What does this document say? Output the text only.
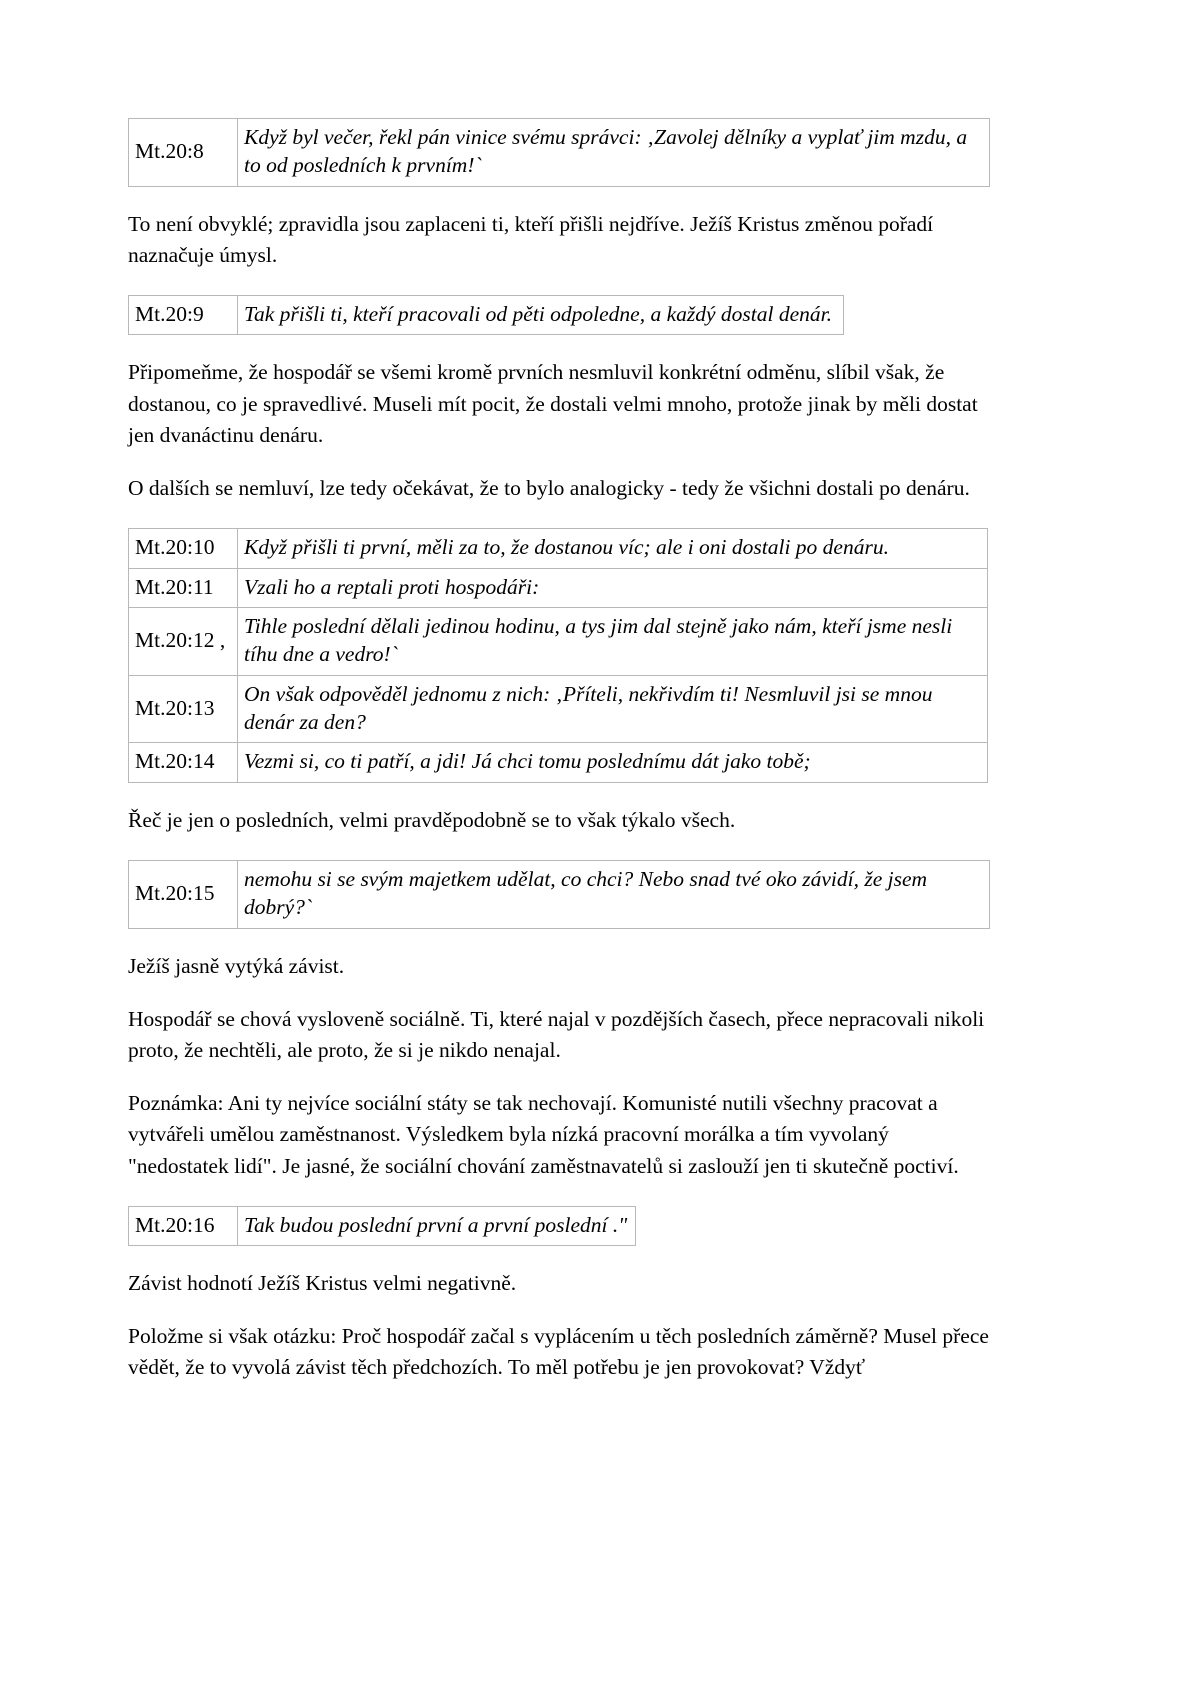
Mt.20:8	Když byl večer, řekl pán vinice svému správci: ‚Zavolej dělníky a vyplať jim mzdu, a to od posledních k prvním!`

To není obvyklé; zpravidla jsou zaplaceni ti, kteří přišli nejdříve. Ježíš Kristus změnou pořadí naznačuje úmysl.

Mt.20:9	Tak přišli ti, kteří pracovali od pěti odpoledne, a každý dostal denár.

Připomeňme, že hospodář se všemi kromě prvních nesmluvil konkrétní odměnu, slíbil však, že dostanou, co je spravedlivé. Museli mít pocit, že dostali velmi mnoho, protože jinak by měli dostat jen dvanáctinu denáru.

O dalších se nemluví, lze tedy očekávat, že to bylo analogicky - tedy že všichni dostali po denáru.

Mt.20:10	Když přišli ti první, měli za to, že dostanou víc; ale i oni dostali po denáru.
Mt.20:11	Vzali ho a reptali proti hospodáři:
Mt.20:12 ,	Tihle poslední dělali jedinou hodinu, a tys jim dal stejně jako nám, kteří jsme nesli tíhu dne a vedro!`
Mt.20:13	On však odpověděl jednomu z nich: ‚Příteli, nekřivdím ti! Nesmluvil jsi se mnou denár za den?
Mt.20:14	Vezmi si, co ti patří, a jdi! Já chci tomu poslednímu dát jako tobě;

Řeč je jen o posledních, velmi pravděpodobně se to však týkalo všech.

Mt.20:15	nemohu si se svým majetkem udělat, co chci? Nebo snad tvé oko závidí, že jsem dobrý?`

Ježíš jasně vytýká závist.

Hospodář se chová vysloveně sociálně. Ti, které najal v pozdějších časech, přece nepracovali nikoli proto, že nechtěli, ale proto, že si je nikdo nenajal.

Poznámka: Ani ty nejvíce sociální státy se tak nechovají. Komunisté nutili všechny pracovat a vytvářeli umělou zaměstnanost. Výsledkem byla nízká pracovní morálka a tím vyvolaný "nedostatek lidí". Je jasné, že sociální chování zaměstnavatelů si zaslouží jen ti skutečně poctiví.

Mt.20:16	Tak budou poslední první a první poslední ."

Závist hodnotí Ježíš Kristus velmi negativně.

Položme si však otázku: Proč hospodář začal s vyplácením u těch posledních záměrně? Musel přece vědět, že to vyvolá závist těch předchozích. To měl potřebu je jen provokovat? Vždyť
